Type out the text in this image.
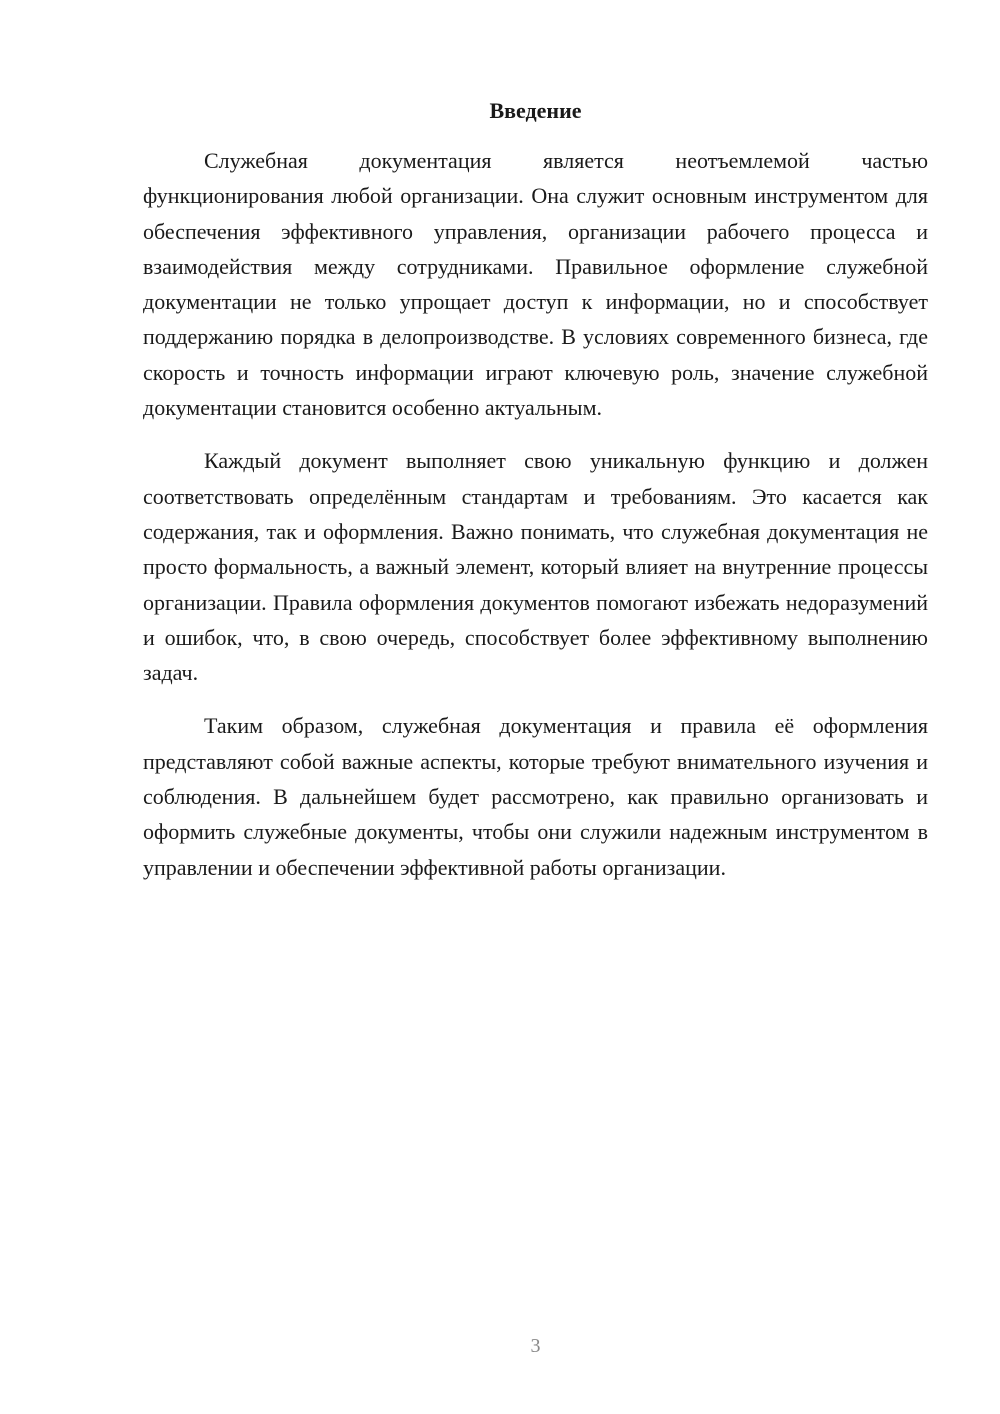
Введение

Служебная документация является неотъемлемой частью функционирования любой организации. Она служит основным инструментом для обеспечения эффективного управления, организации рабочего процесса и взаимодействия между сотрудниками. Правильное оформление служебной документации не только упрощает доступ к информации, но и способствует поддержанию порядка в делопроизводстве. В условиях современного бизнеса, где скорость и точность информации играют ключевую роль, значение служебной документации становится особенно актуальным.

Каждый документ выполняет свою уникальную функцию и должен соответствовать определённым стандартам и требованиям. Это касается как содержания, так и оформления. Важно понимать, что служебная документация не просто формальность, а важный элемент, который влияет на внутренние процессы организации. Правила оформления документов помогают избежать недоразумений и ошибок, что, в свою очередь, способствует более эффективному выполнению задач.

Таким образом, служебная документация и правила её оформления представляют собой важные аспекты, которые требуют внимательного изучения и соблюдения. В дальнейшем будет рассмотрено, как правильно организовать и оформить служебные документы, чтобы они служили надежным инструментом в управлении и обеспечении эффективной работы организации.

3
